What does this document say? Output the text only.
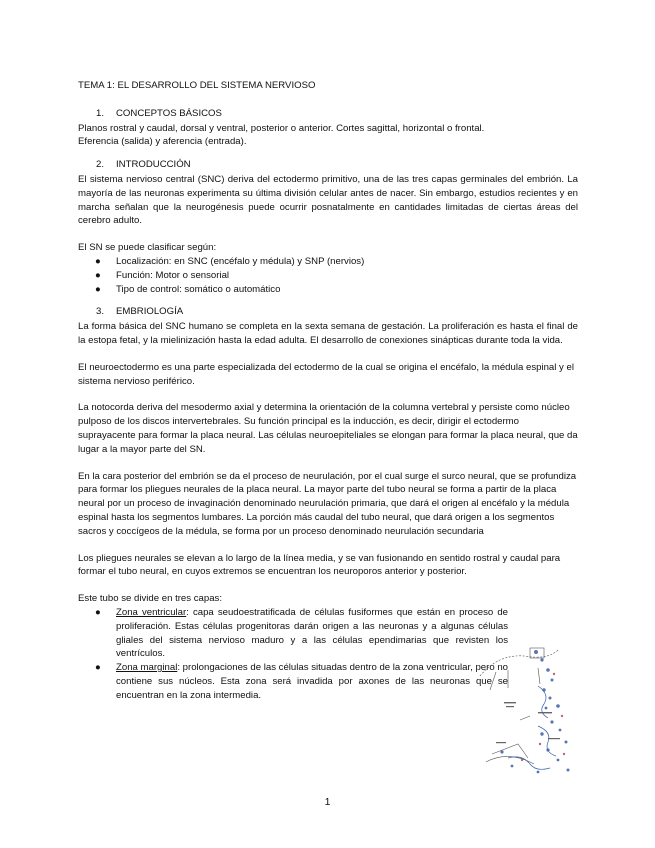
TEMA 1: EL DESARROLLO DEL SISTEMA NERVIOSO

1.	CONCEPTOS BÁSICOS

Planos rostral y caudal, dorsal y ventral, posterior o anterior. Cortes sagittal, horizontal o frontal.

Eferencia (salida) y aferencia (entrada).

2.	INTRODUCCIÓN

El sistema nervioso central (SNC) deriva del ectodermo primitivo, una de las tres capas germinales del embrión. La mayoría de las neuronas experimenta su última división celular antes de nacer. Sin embargo, estudios recientes y en marcha señalan que la neurogénesis puede ocurrir posnatalmente en cantidades limitadas de ciertas áreas del cerebro adulto.

El SN se puede clasificar según:

● Localización: en SNC (encéfalo y médula) y SNP (nervios)
● Función: Motor o sensorial
● Tipo de control: somático o automático
3.	EMBRIOLOGÍA

La forma básica del SNC humano se completa en la sexta semana de gestación. La proliferación es hasta el final de la estopa fetal, y la mielinización hasta la edad adulta. El desarrollo de conexiones sinápticas durante toda la vida.

El neuroectodermo es una parte especializada del ectodermo de la cual se origina el encéfalo, la médula espinal y el sistema nervioso periférico.

La notocorda deriva del mesodermo axial y determina la orientación de la columna vertebral y persiste como núcleo pulposo de los discos intervertebrales. Su función principal es la inducción, es decir, dirigir el ectodermo suprayacente para formar la placa neural. Las células neuroepiteliales se elongan para formar la placa neural, que da lugar a la mayor parte del SN.

En la cara posterior del embrión se da el proceso de neurulación, por el cual surge el surco neural, que se profundiza para formar los pliegues neurales de la placa neural. La mayor parte del tubo neural se forma a partir de la placa neural por un proceso de invaginación denominado neurulación primaria, que dará el origen al encéfalo y la médula espinal hasta los segmentos lumbares. La porción más caudal del tubo neural, que dará origen a los segmentos sacros y coccígeos de la médula, se forma por un proceso denominado neurulación secundaria

Los pliegues neurales se elevan a lo largo de la línea media, y se van fusionando en sentido rostral y caudal para formar el tubo neural, en cuyos extremos se encuentran los neuroporos anterior y posterior.

Este tubo se divide en tres capas:

● Zona ventricular: capa seudoestratificada de células fusiformes que están en proceso de proliferación. Estas células progenitoras darán origen a las neuronas y a algunas células gliales del sistema nervioso maduro y a las células ependimarias que revisten los ventrículos.
● Zona marginal: prolongaciones de las células situadas dentro de la zona ventricular, pero no contiene sus núcleos. Esta zona será invadida por axones de las neuronas que se encuentran en la zona intermedia.
1
